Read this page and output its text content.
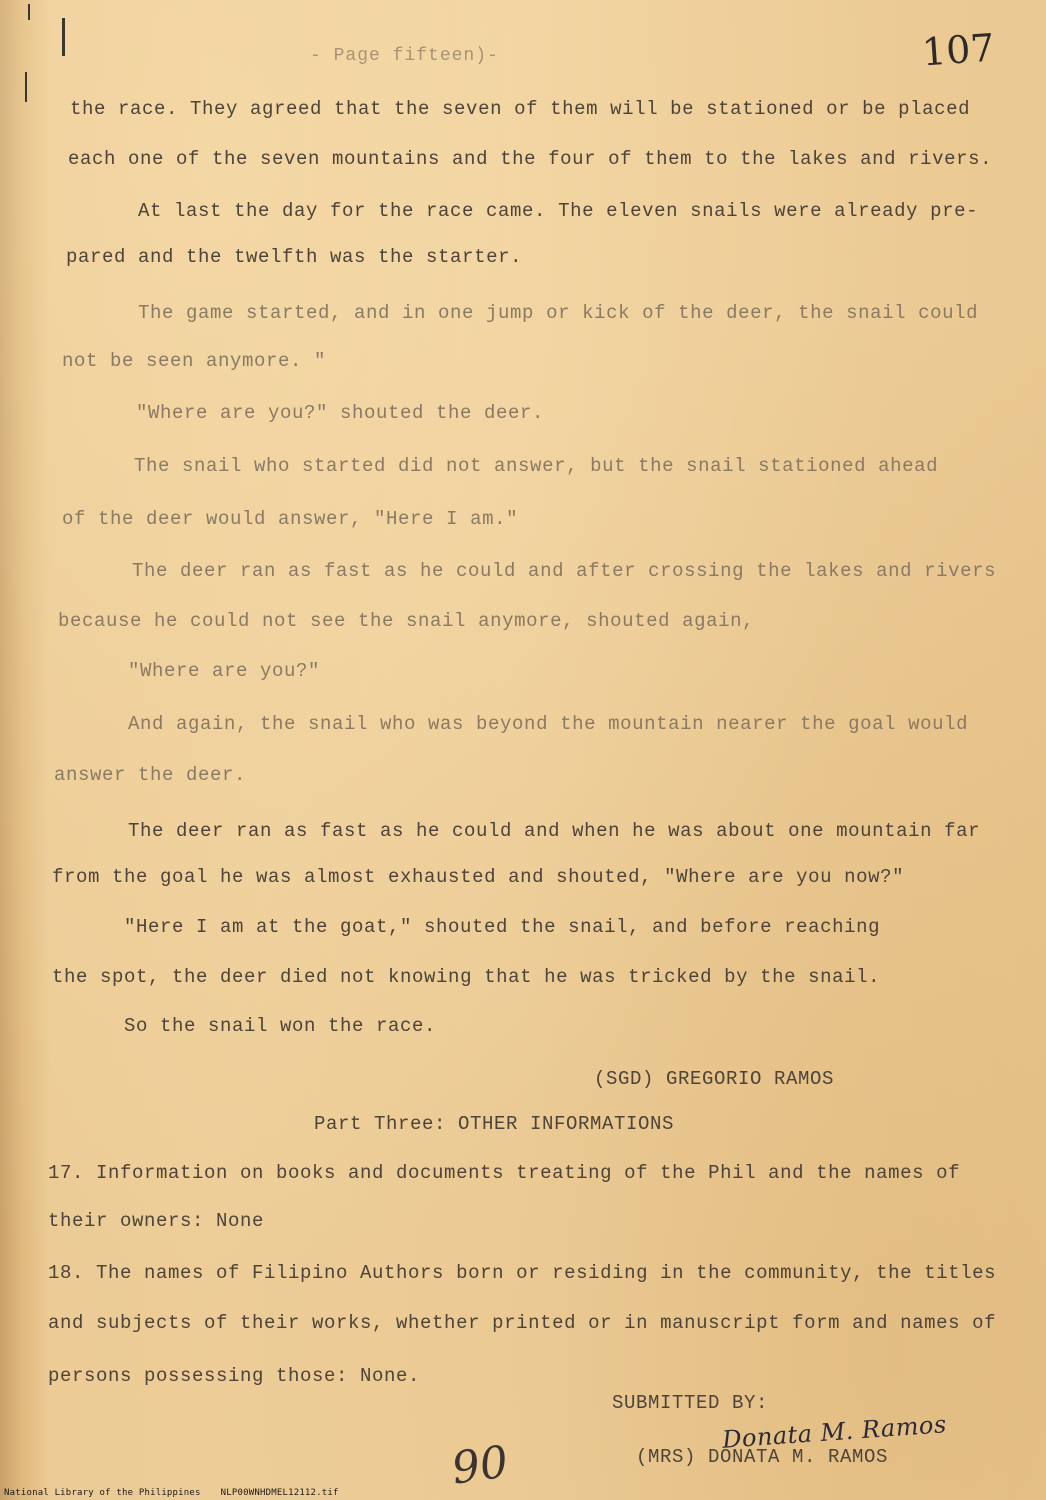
- Page fifteen)-	107
the race. They agreed that the seven of them will be stationed or be placed
each one of the seven mountains and the four of them to the lakes and rivers.
At last the day for the race came. The eleven snails were already pre-
pared and the twelfth was the starter.
The game started, and in one jump or kick of the deer, the snail could
not be seen anymore. "
"Where are you?" shouted the deer.
The snail who started did not answer, but the snail stationed ahead
of the deer would answer, "Here I am."
The deer ran as fast as he could and after crossing the lakes and rivers
because he could not see the snail anymore, shouted again,
"Where are you?"
And again, the snail who was beyond the mountain nearer the goal would
answer the deer.
The deer ran as fast as he could and when he was about one mountain far
from the goal he was almost exhausted and shouted, "Where are you now?"
"Here I am at the goat," shouted the snail, and before reaching
the spot, the deer died not knowing that he was tricked by the snail.
So the snail won the race.
(SGD) GREGORIO RAMOS
Part Three: OTHER INFORMATIONS
17. Information on books and documents treating of the Phil and the names of
their owners: None
18. The names of Filipino Authors born or residing in the community, the titles
and subjects of their works, whether printed or in manuscript form and names of
persons possessing those: None.
SUBMITTED BY:
(MRS) DONATA M. RAMOS
Donata M. Ramos
90
National Library of the Philippines NLP00WNHDMEL12112.tif
